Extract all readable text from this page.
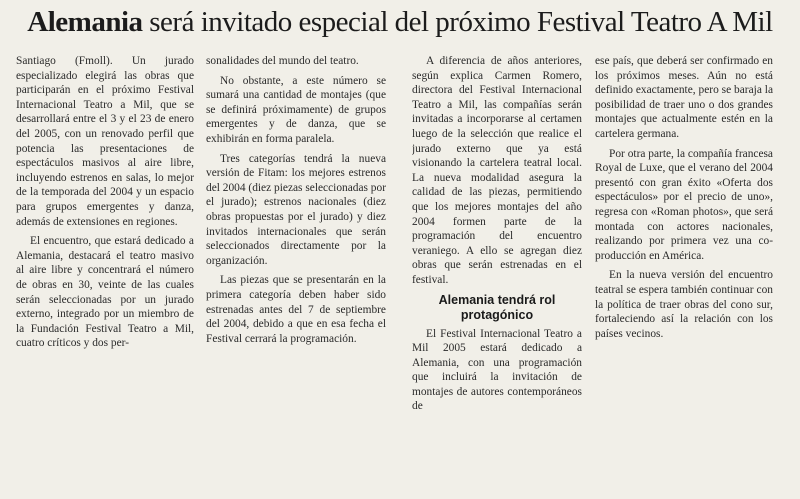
Alemania será invitado especial del próximo Festival Teatro A Mil

Santiago (Fmoll). Un jurado especializado elegirá las obras que participarán en el próximo Festival Internacional Teatro a Mil, que se desarrollará entre el 3 y el 23 de enero del 2005, con un renovado perfil que potencia las presentaciones de espectáculos masivos al aire libre, incluyendo estrenos en salas, lo mejor de la temporada del 2004 y un espacio para grupos emergentes y danza, además de extensiones en regiones.

El encuentro, que estará dedicado a Alemania, destacará el teatro masivo al aire libre y concentrará el número de obras en 30, veinte de las cuales serán seleccionadas por un jurado externo, integrado por un miembro de la Fundación Festival Teatro a Mil, cuatro críticos y dos per-

sonalidades del mundo del teatro.

No obstante, a este número se sumará una cantidad de montajes (que se definirá próximamente) de grupos emergentes y de danza, que se exhibirán en forma paralela.

Tres categorías tendrá la nueva versión de Fitam: los mejores estrenos del 2004 (diez piezas seleccionadas por el jurado); estrenos nacionales (diez obras propuestas por el jurado) y diez invitados internacionales que serán seleccionados directamente por la organización.

Las piezas que se presentarán en la primera categoría deben haber sido estrenadas antes del 7 de septiembre del 2004, debido a que en esa fecha el Festival cerrará la programación.

A diferencia de años anteriores, según explica Carmen Romero, directora del Festival Internacional Teatro a Mil, las compañías serán invitadas a incorporarse al certamen luego de la selección que realice el jurado externo que ya está visionando la cartelera teatral local. La nueva modalidad asegura la calidad de las piezas, permitiendo que los mejores montajes del año 2004 formen parte de la programación del encuentro veraniego. A ello se agregan diez obras que serán estrenadas en el festival.

Alemania tendrá rol protagónico

El Festival Internacional Teatro a Mil 2005 estará dedicado a Alemania, con una programación que incluirá la invitación de montajes de autores contemporáneos de

ese país, que deberá ser confirmado en los próximos meses. Aún no está definido exactamente, pero se baraja la posibilidad de traer uno o dos grandes montajes que actualmente estén en la cartelera germana.

Por otra parte, la compañía francesa Royal de Luxe, que el verano del 2004 presentó con gran éxito «Oferta dos espectáculos» por el precio de uno», regresa con «Roman photos», que será montada con actores nacionales, realizando por primera vez una co-producción en América.

En la nueva versión del encuentro teatral se espera también continuar con la política de traer obras del cono sur, fortaleciendo así la relación con los países vecinos.
